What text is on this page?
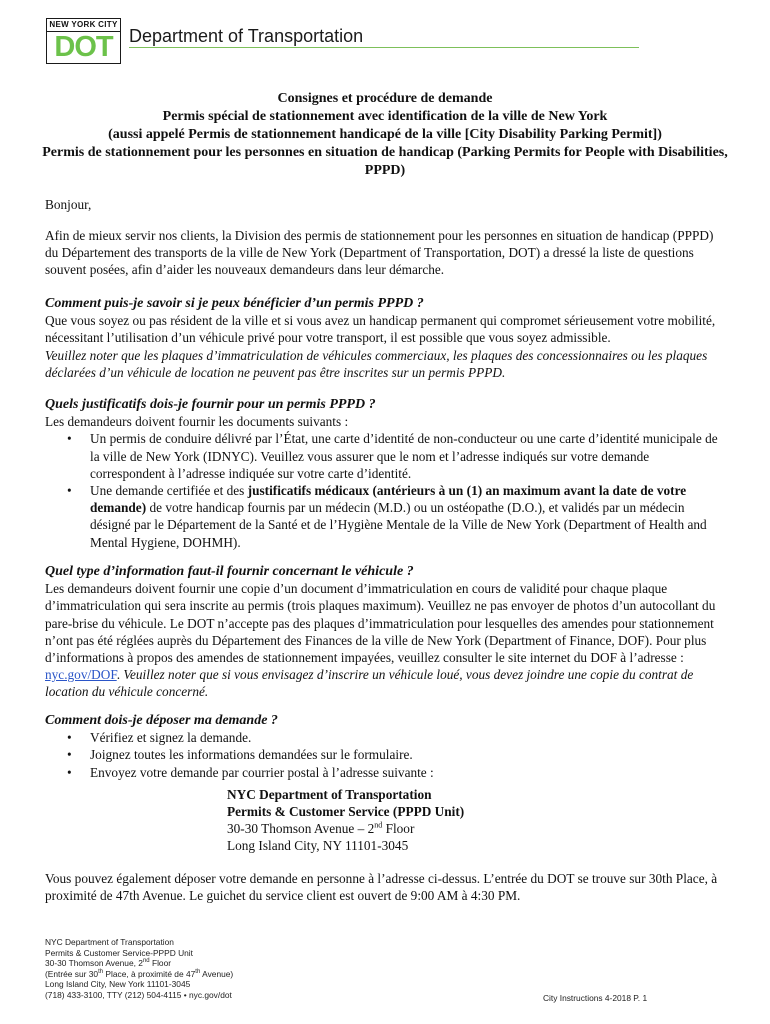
NEW YORK CITY
DOT Department of Transportation
Consignes et procédure de demande
Permis spécial de stationnement avec identification de la ville de New York
(aussi appelé Permis de stationnement handicapé de la ville [City Disability Parking Permit])
Permis de stationnement pour les personnes en situation de handicap (Parking Permits for People with Disabilities, PPPD)
Bonjour,
Afin de mieux servir nos clients, la Division des permis de stationnement pour les personnes en situation de handicap (PPPD) du Département des transports de la ville de New York (Department of Transportation, DOT) a dressé la liste de questions souvent posées, afin d’aider les nouveaux demandeurs dans leur démarche.
Comment puis-je savoir si je peux bénéficier d’un permis PPPD ?
Que vous soyez ou pas résident de la ville et si vous avez un handicap permanent qui compromet sérieusement votre mobilité, nécessitant l’utilisation d’un véhicule privé pour votre transport, il est possible que vous soyez admissible.
Veuillez noter que les plaques d’immatriculation de véhicules commerciaux, les plaques des concessionnaires ou les plaques déclarées d’un véhicule de location ne peuvent pas être inscrites sur un permis PPPD.
Quels justificatifs dois-je fournir pour un permis PPPD ?
Les demandeurs doivent fournir les documents suivants :
• Un permis de conduire délivré par l’État, une carte d’identité de non-conducteur ou une carte d’identité municipale de la ville de New York (IDNYC). Veuillez vous assurer que le nom et l’adresse indiqués sur votre demande correspondent à l’adresse indiquée sur votre carte d’identité.
• Une demande certifiée et des justificatifs médicaux (antérieurs à un (1) an maximum avant la date de votre demande) de votre handicap fournis par un médecin (M.D.) ou un ostéopathe (D.O.), et validés par un médecin désigné par le Département de la Santé et de l’Hygiène Mentale de la Ville de New York (Department of Health and Mental Hygiene, DOHMH).
Quel type d’information faut-il fournir concernant le véhicule ?
Les demandeurs doivent fournir une copie d’un document d’immatriculation en cours de validité pour chaque plaque d’immatriculation qui sera inscrite au permis (trois plaques maximum). Veuillez ne pas envoyer de photos d’un autocollant du pare-brise du véhicule. Le DOT n’accepte pas des plaques d’immatriculation pour lesquelles des amendes pour stationnement n’ont pas été réglées auprès du Département des Finances de la ville de New York (Department of Finance, DOF). Pour plus d’informations à propos des amendes de stationnement impayées, veuillez consulter le site internet du DOF à l’adresse : nyc.gov/DOF. Veuillez noter que si vous envisagez d’inscrire un véhicule loué, vous devez joindre une copie du contrat de location du véhicule concerné.
Comment dois-je déposer ma demande ?
• Vérifiez et signez la demande.
• Joignez toutes les informations demandées sur le formulaire.
• Envoyez votre demande par courrier postal à l’adresse suivante :
NYC Department of Transportation
Permits & Customer Service (PPPD Unit)
30-30 Thomson Avenue – 2nd Floor
Long Island City, NY 11101-3045
Vous pouvez également déposer votre demande en personne à l’adresse ci-dessus. L’entrée du DOT se trouve sur 30th Place, à proximité de 47th Avenue. Le guichet du service client est ouvert de 9:00 AM à 4:30 PM.
NYC Department of Transportation
Permits & Customer Service-PPPD Unit
30-30 Thomson Avenue, 2nd Floor
(Entrée sur 30th Place, à proximité de 47th Avenue)
Long Island City, New York 11101-3045
(718) 433-3100, TTY (212) 504-4115 • nyc.gov/dot	City Instructions 4-2018 P. 1
